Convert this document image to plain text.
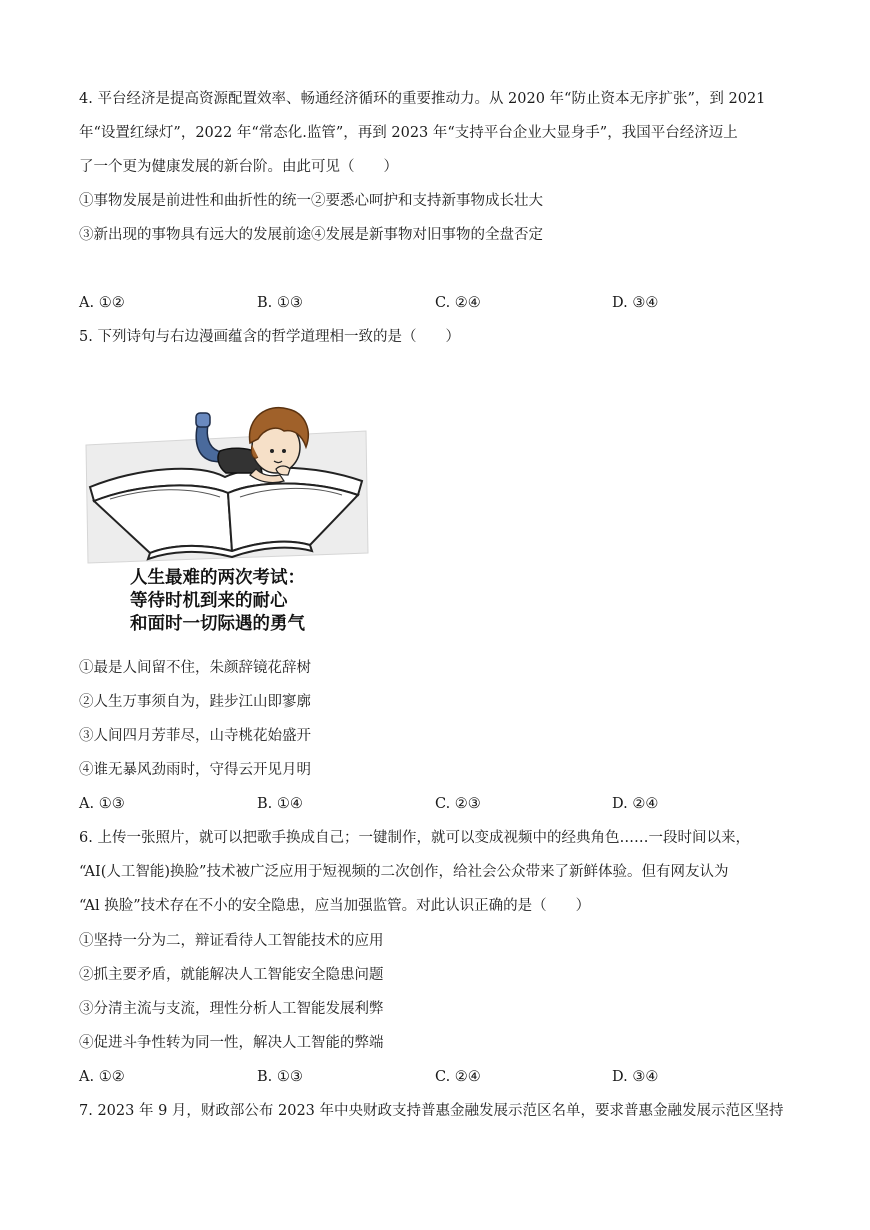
4. 平台经济是提高资源配置效率、畅通经济循环的重要推动力。从 2020 年“防止资本无序扩张”，到 2021
年“设置红绿灯”，2022 年“常态化.监管”，再到 2023 年“支持平台企业大显身手”，我国平台经济迈上
了一个更为健康发展的新台阶。由此可见（　　）
①事物发展是前进性和曲折性的统一②要悉心呵护和支持新事物成长壮大
③新出现的事物具有远大的发展前途④发展是新事物对旧事物的全盘否定
A. ①②	B. ①③	C. ②④	D. ③④
5. 下列诗句与右边漫画蕴含的哲学道理相一致的是（　　）
人生最难的两次考试：
等待时机到来的耐心
和面时一切际遇的勇气
①最是人间留不住，朱颜辞镜花辞树
②人生万事须自为，跬步江山即寥廓
③人间四月芳菲尽，山寺桃花始盛开
④谁无暴风劲雨时，守得云开见月明
A. ①③	B. ①④	C. ②③	D. ②④
6. 上传一张照片，就可以把歌手换成自己；一键制作，就可以变成视频中的经典角色……一段时间以来，
“AI(人工智能)换脸”技术被广泛应用于短视频的二次创作，给社会公众带来了新鲜体验。但有网友认为
“Al 换脸”技术存在不小的安全隐患，应当加强监管。对此认识正确的是（　　）
①坚持一分为二，辩证看待人工智能技术的应用
②抓主要矛盾，就能解决人工智能安全隐患问题
③分清主流与支流，理性分析人工智能发展利弊
④促进斗争性转为同一性，解决人工智能的弊端
A. ①②	B. ①③	C. ②④	D. ③④
7. 2023 年 9 月，财政部公布 2023 年中央财政支持普惠金融发展示范区名单，要求普惠金融发展示范区坚持
